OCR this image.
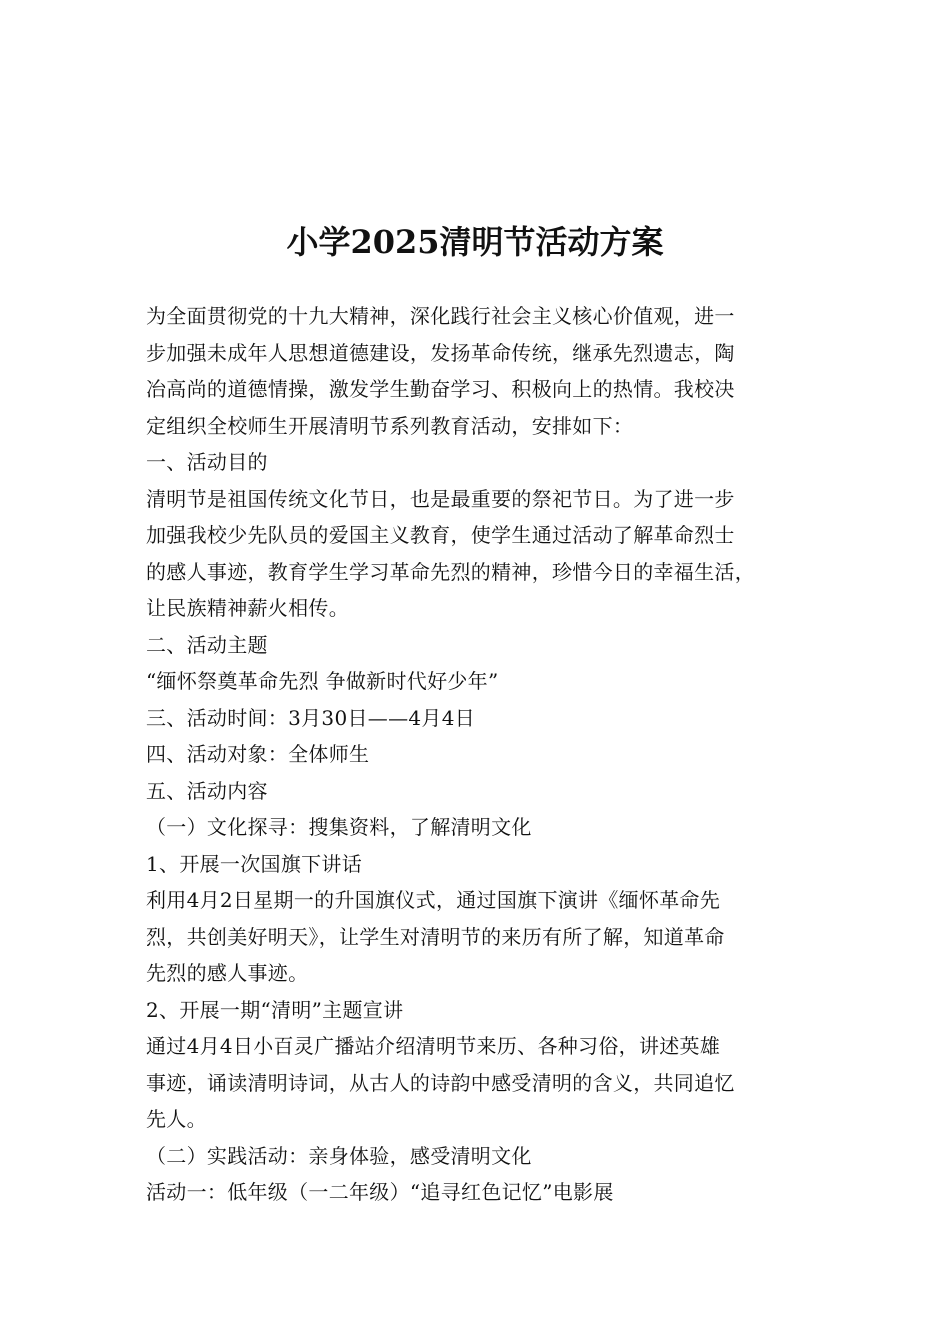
小学2025清明节活动方案
为全面贯彻党的十九大精神，深化践行社会主义核心价值观，进一
步加强未成年人思想道德建设，发扬革命传统，继承先烈遗志，陶
冶高尚的道德情操，激发学生勤奋学习、积极向上的热情。我校决
定组织全校师生开展清明节系列教育活动，安排如下：
一、活动目的
清明节是祖国传统文化节日，也是最重要的祭祀节日。为了进一步
加强我校少先队员的爱国主义教育，使学生通过活动了解革命烈士
的感人事迹，教育学生学习革命先烈的精神，珍惜今日的幸福生活，
让民族精神薪火相传。
二、活动主题
“缅怀祭奠革命先烈 争做新时代好少年”
三、活动时间：3月30日——4月4日
四、活动对象：全体师生
五、活动内容
（一）文化探寻：搜集资料，了解清明文化
1、开展一次国旗下讲话
利用4月2日星期一的升国旗仪式，通过国旗下演讲《缅怀革命先
烈，共创美好明天》，让学生对清明节的来历有所了解，知道革命
先烈的感人事迹。
2、开展一期“清明”主题宣讲
通过4月4日小百灵广播站介绍清明节来历、各种习俗，讲述英雄
事迹，诵读清明诗词，从古人的诗韵中感受清明的含义，共同追忆
先人。
（二）实践活动：亲身体验，感受清明文化
活动一：低年级（一二年级）“追寻红色记忆”电影展
